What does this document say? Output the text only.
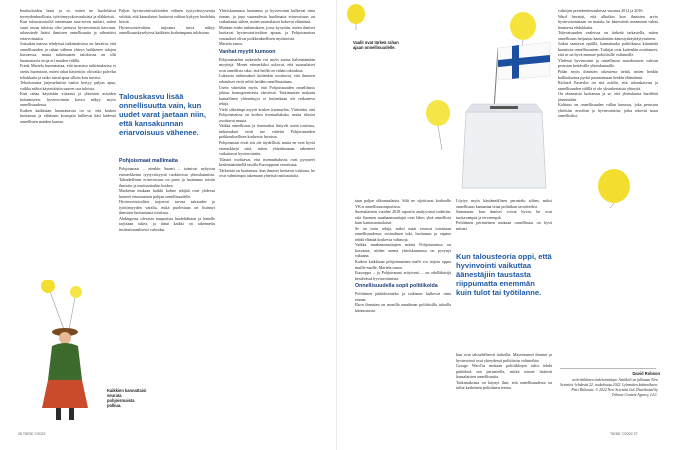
Institutioiden laatu ja se, miten ne huolehtivat terveydenhuollosta, työttömyyskorvauksista ja eläkkeistä.

Kun talousteorioiltä tuntemaan tasa-arvon mittari, miten suuri osuus tuloista olisi jaettava hyvinvoinnin kasvuun, taloustiede lisäisi ihmisten onnellisuutta ja vähentäisi eriarvoisuutta.

Joissakin maissa tehdyissä tutkimuksissa on havaittu, että onnellisuuden ja rahan välinen yhteys heikkenee tulojen kasvaessa, mutta tutkimusten tuloksissa on silti huomattavia eroja eri maiden välillä.

Frank Martela huomauttaa, että monissa tutkimuksissa ei otettu huomioon, miten rahat käytettiin: oliivatko palvelut tehokkaita ja saiko niistä apua silloin kun tarvitsi.

Tehottomista järjestelmistä tuskin kertyy paljon apua, vaikka niihin käytettäisiin suuren osa tuloista.

Kun rahaa käytetään viisaasti ja yhteisten asioiden hoitamiseen, hyvinvoinnin kasvu näkyy myös onnellisuudessa.

Kaiken kaikkiaan huomattavaa on se, että korkea luottamus ja vähäinen korruptio kulkevat käsi kädessä onnellisten maiden kanssa.

Paljon hyvinvointivaltioiden välinen tyytyväisyyseroja selittää, että kansalaiset luottavat valtion kykyyn huolehtia heistä.

Hyvinvointivaltion tarjoama turva näkyy onnellisuuskyselyissä kaikkein korkeimpana tuloksena.

Talouskasvu lisää onnellisuutta vain, kun uudet varat jaetaan niin, että kansakunnan eriarvoisuus vähenee.
Pohjoismaat mallimaita

Pohjoismaat – etenkin Suomi – toimivat nykyisin esimerkkeinä tyytyväisyyttä ruokkivista yhteiskunnista. Taloudellinen eriarvoisuus on pieni ja luottamus toisiin ihmisiin ja instituutioihin korkea.

Marketan mukaan kaikki kolme tekijää ovat yhdessä luoneet erinomaisen pohjan onnellisuudelle.

Hyvinvointivaltiot tarjoavat turvaa sairauden ja työttömyyden varalta, mikä puolestaan on lisännyt ihmisten luottamusta toisiinsa.

Ahdingossa olevasta naapurista huolehditaan ja hänelle tarjotaan tukea, ja tämä kaikki on rakennettu institutionaalisesti vahvaksi.

Yhteiskunnassa luottamus ja hyvinvointi kulkevat rinta rinnan, ja jopa vauraudesta huolimatta eriarvoisuus on vaikuttanut siihen, miten suomalaiset kokevat elämänsä.

Muistan erään tutkimuksen, jossa kysyttiin, miten ihmiset luottavat hyvinvointivaltion apuun, ja Pohjoismaissa vastaukset olivat poikkeuksellisen myönteisiä.

Martela sanoo.

Vanhat myytit kumoon

Pohjoismaiden tarkastelu voi myös auttaa hälventämään myyttejä. Monet esimerkiksi uskovat, että suomalaiset ovat onnellisia siksi, että heillä on vähän odotuksia.

Luksusta tutkimukset kuitenkin osoittavat, että ihmisen odotukset eivät selitä heidän onnellisuuttaan.

Usein väitetään myös, että Pohjoismaiden onnellisuus johtuu homogeenisesta väestöstä. Tutkimusten mukaan kansallinen yhtenäisyys ei kuitenkaan ole ratkaiseva tekijä.

Vielä sitkeämpi myytti koskee itsemurhia. Väitetään, että Pohjoismaissa on korkea itsemurhaluku, mutta tilastot osoittavat muuta.

Vaikka onnellisuus ja itsemurhat liittyvät usein toisiinsa, tutkimukset eivät tue väitettä Pohjoismaiden poikkeuksellisen korkeista luvuista.

Pohjoismaat eivät siis ole täydellisiä, mutta ne ovat hyviä esimerkkejä siitä, miten yhteiskunnan rakenteet vaikuttavat hyvinvointiin.

Tilastot osoittavat, että itsemurhaluvut ovat pysyneet keskimääräisellä tasolla Eurooppaan verrattuna.

Tärkeintä on luottamus: kun ihmiset luottavat toisiinsa, he ovat valmiimpia tukemaan yhteisiä instituutioita.

Kaikkien kannattaisi seurata pohjoismaista polkua.
26 TIEDE 7/2022
Vaalit ovat tärkeä rahan ajaan onnellisuudelle.

taan paljon ulkomaalaisia. Silti ne sijoittuvat korkealle YK:n onnellisuusraportissa.

Suomalaisten vuoden 2018 raportin analyysissä todettiin, että Suomen maahanmuuttajat ovat lähes yhtä onnellisia kuin kantasuomalaiset.

Se on isoin tekijä, miksi maat eroavat toisistaan onnellisuudessa: sosiaalinen tuki, luottamus ja vapaus tehdä elämää koskevia valintoja.

Vaikka maahanmuuttajien määrä Pohjoismaissa on kasvanut, niiden asema yhteiskunnassa on pysynyt vakaana.

Kaiken kaikkiaan pohjoismainen malli voi tarjota oppia muille maille, Martela sanoo.

Eurooppa – ja Pohjoismaat erityisesti – on edelläkävijä kestävässä hyvinvoinnissa.

Onnellisuudella sopii politiikoida

Poliittinen päätöksenteko ja tutkimus kulkevat rinta rinnan.

Ekon ihmisten on monilla maailman poliittisilla tahoilla kiinnostusta.

Löytyy myös käytännöllisen perustelu siihen, miksi onnellisuus kannattaa ottaa politiikan tavoitteeksi.

Sanomaan: kun ihmiset voivat hyvin, he ovat tuottavampia ja terveempiä.

Poliittinen perinteinen mukaan onnellisuus on hyvä mittari.

Kun talousteoria oppi, että hyvinvointi vaikuttaa äänestäjiin taustasta riippumatta enemmän kuin tulot tai työtilanne.

kun ovat taloudellisesti tiukoilla. Masentuneet ihmiset ja hyvinvointi ovat yhteydessä poliittisiin valintoihin.

George Ward’in mukaan politiikkojen tulisi tehdä päätöksiä sen perusteella, mitkä toimet lisäävät kansalaisten onnellisuutta.

Tutkimuksista on käynyt ilmi, että onnellisuudesta on tullut keskeinen poliittinen teema.

valtiojen presidentinvaaleissa vuosina 2012 ja 2016.

Ward havaitsi, että alkoikin kun ihmisten arvio hyvinvoinnistaan on matala, he äänestävät useammin valtaa haastavia ehdokkaita.

Tulevaisuuden vaaleissa on tärkeää tarkastella, miten onnellisuus heijastuu kansalaisten äänestyskäyttäytymiseen.

Jotkut saattavat epäillä, kannattaako politiikassa kiinnittää huomiota onnellisuuteen. Tutkijat ovat kuitenkin osoittaneet, että se on hyvä ennuste poliittisille valinnoille.

Yhdessä hyvinvointi ja onnellisuus muodostavat vahvan perustan kestävälle yhteiskunnalle.

Pidän myös ihmisten oikeutena tietää, miten heidän hallituksensa pyrkii parantamaan heidän elämäänsä.

Richard Easterlin on sitä mieltä, että talouskasvun ja onnellisuuden välillä ei ole yksinkertaista yhteyttä.

On olennaista luottamus ja se, että yhteiskunta huolehtii jäsenistään.

Kohtuus on onnellisuuden vallan kumous, joka perustuu yhteisiin arvoihin ja hyvinvointiin, jotka tekevät maat onnellisiksi.

David Robson
on brittiläinen tiedetoimittaja. Artikkeli on julkaistu New Scientist -lehdessä 22. toukokuuta 2022. Lyhentäen käännöksen: Petri Riikonen. © 2022 New Scientist Ltd. Distributed by Tribune Content Agency, LLC.
TIEDE 7/2022 27
